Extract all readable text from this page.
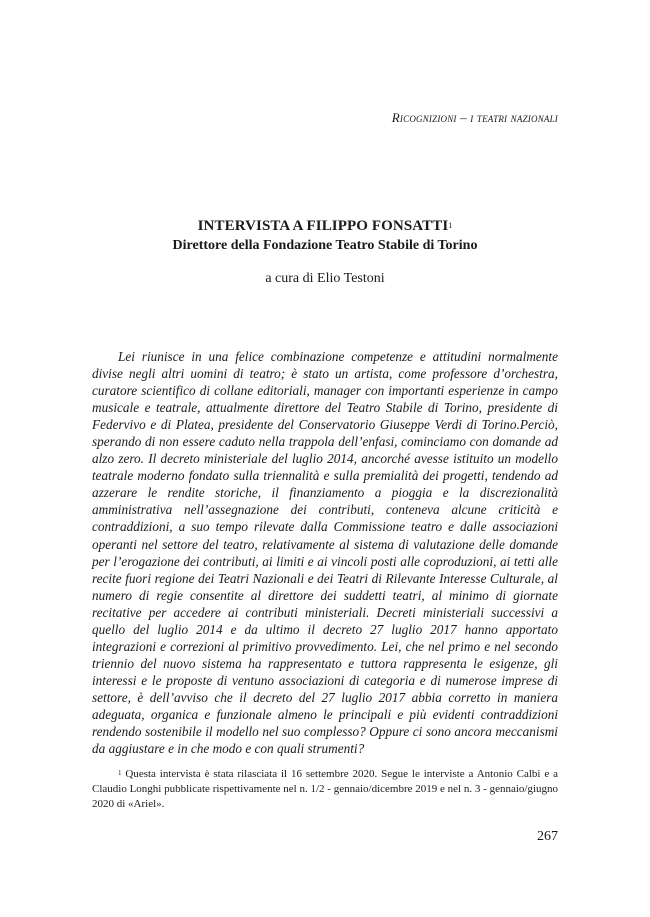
Ricognizioni – i teatri nazionali
INTERVISTA A FILIPPO FONSATTI$^1$
Direttore della Fondazione Teatro Stabile di Torino
a cura di Elio Testoni

Lei riunisce in una felice combinazione competenze e attitudini normalmente divise negli altri uomini di teatro; è stato un artista, come professore d’orchestra, curatore scientifico di collane editoriali, manager con importanti esperienze in campo musicale e teatrale, attualmente direttore del Teatro Stabile di Torino, presidente di Federvivo e di Platea, presidente del Conservatorio Giuseppe Verdi di Torino.Perciò, sperando di non essere caduto nella trappola dell’enfasi, cominciamo con domande ad alzo zero. Il decreto ministeriale del luglio 2014, ancorché avesse istituito un modello teatrale moderno fondato sulla triennalità e sulla premialità dei progetti, tendendo ad azzerare le rendite storiche, il finanziamento a pioggia e la discrezionalità amministrativa nell’assegnazione dei contributi, conteneva alcune criticità e contraddizioni, a suo tempo rilevate dalla Commissione teatro e dalle associazioni operanti nel settore del teatro, relativamente al sistema di valutazione delle domande per l’erogazione dei contributi, ai limiti e ai vincoli posti alle coproduzioni, ai tetti alle recite fuori regione dei Teatri Nazionali e dei Teatri di Rilevante Interesse Culturale, al numero di regie consentite al direttore dei suddetti teatri, al minimo di giornate recitative per accedere ai contributi ministeriali. Decreti ministeriali successivi a quello del luglio 2014 e da ultimo il decreto 27 luglio 2017 hanno apportato integrazioni e correzioni al primitivo provvedimento. Lei, che nel primo e nel secondo triennio del nuovo sistema ha rappresentato e tuttora rappresenta le esigenze, gli interessi e le proposte di ventuno associazioni di categoria e di numerose imprese di settore, è dell’avviso che il decreto del 27 luglio 2017 abbia corretto in maniera adeguata, organica e funzionale almeno le principali e più evidenti contraddizioni rendendo sostenibile il modello nel suo complesso? Oppure ci sono ancora meccanismi da aggiustare e in che modo e con quali strumenti?

$^1$ Questa intervista è stata rilasciata il 16 settembre 2020. Segue le interviste a Antonio Calbi e a Claudio Longhi pubblicate rispettivamente nel n. 1/2 - gennaio/dicembre 2019 e nel n. 3 - gennaio/giugno 2020 di «Ariel».

267
